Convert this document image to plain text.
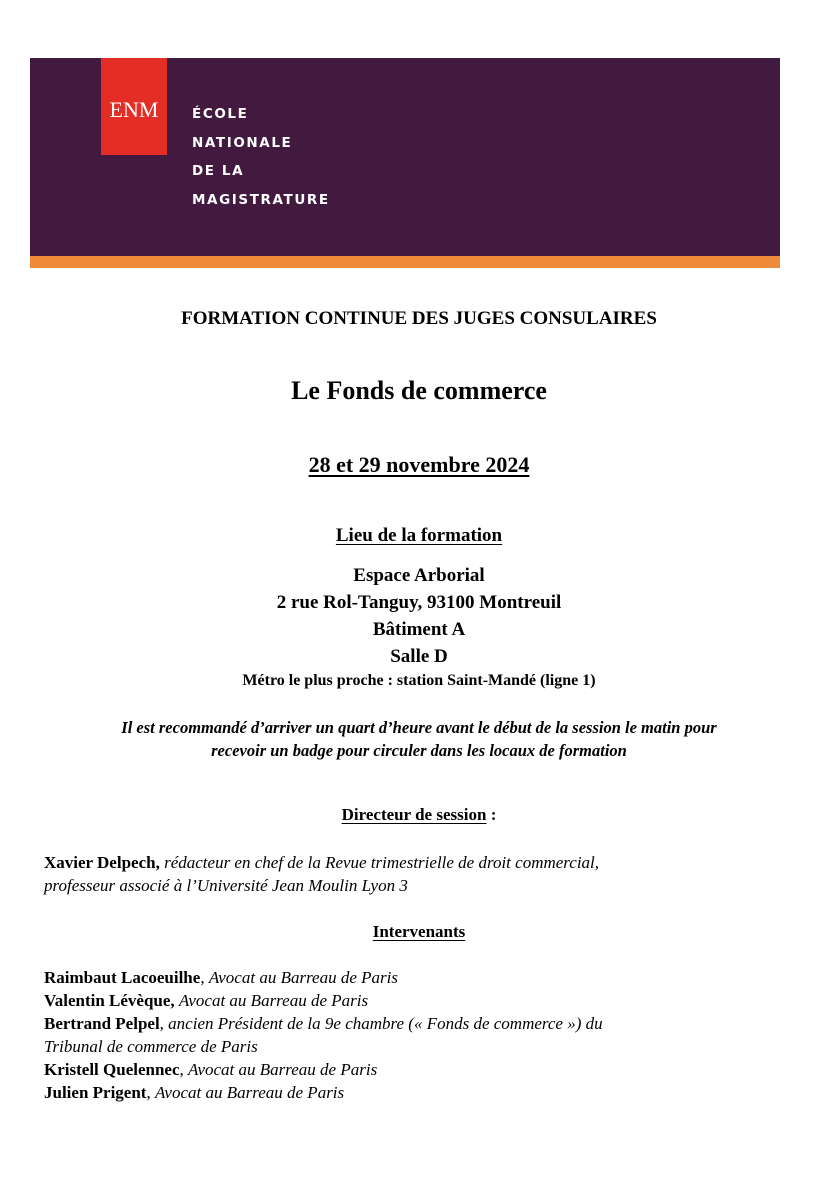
ENM ÉCOLE
NATIONALE
DE LA
MAGISTRATURE
FORMATION CONTINUE DES JUGES CONSULAIRES
Le Fonds de commerce
28 et 29 novembre 2024
Lieu de la formation
Espace Arborial
2 rue Rol-Tanguy, 93100 Montreuil
Bâtiment A
Salle D
Métro le plus proche : station Saint-Mandé (ligne 1)
Il est recommandé d’arriver un quart d’heure avant le début de la session le matin pour
recevoir un badge pour circuler dans les locaux de formation
Directeur de session :
Xavier Delpech, rédacteur en chef de la Revue trimestrielle de droit commercial,
professeur associé à l’Université Jean Moulin Lyon 3
Intervenants
Raimbaut Lacoeuilhe, Avocat au Barreau de Paris
Valentin Lévèque, Avocat au Barreau de Paris
Bertrand Pelpel, ancien Président de la 9e chambre (« Fonds de commerce ») du
Tribunal de commerce de Paris
Kristell Quelennec, Avocat au Barreau de Paris
Julien Prigent, Avocat au Barreau de Paris
